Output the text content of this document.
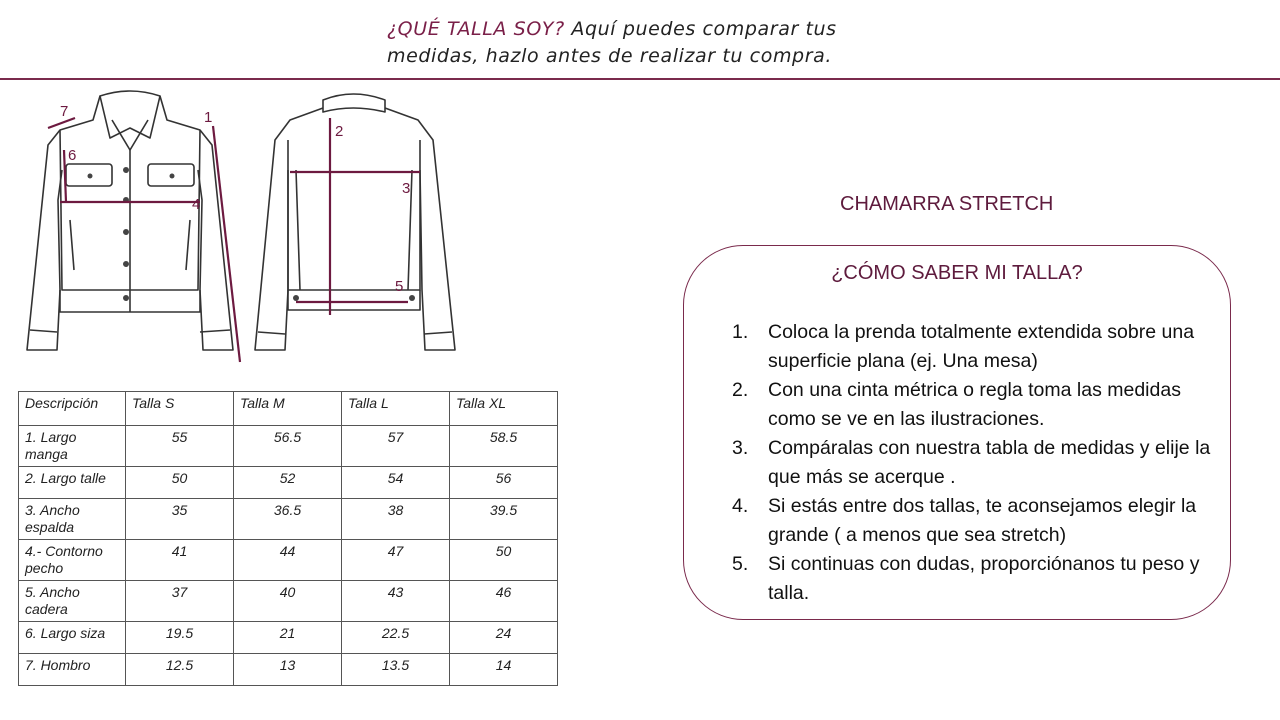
¿QUÉ TALLA SOY? Aquí puedes comparar tus
medidas, hazlo antes de realizar tu compra.
7	1
6
4
2
3
5
Descripción	Talla S	Talla M	Talla L	Talla XL
1. Largo manga	55	56.5	57	58.5
2. Largo talle	50	52	54	56
3. Ancho espalda	35	36.5	38	39.5
4.- Contorno pecho	41	44	47	50
5. Ancho cadera	37	40	43	46
6. Largo siza	19.5	21	22.5	24
7. Hombro	12.5	13	13.5	14
CHAMARRA STRETCH
¿CÓMO SABER MI TALLA?
1.	Coloca la prenda totalmente extendida sobre una superficie plana (ej. Una mesa)
2.	Con una cinta métrica o regla toma las medidas como se ve en las ilustraciones.
3.	Compáralas con nuestra tabla de medidas y elije la que más se acerque .
4.	Si estás entre dos tallas, te aconsejamos elegir la grande ( a menos que sea stretch)
5.	Si continuas con dudas, proporciónanos tu peso y talla.
